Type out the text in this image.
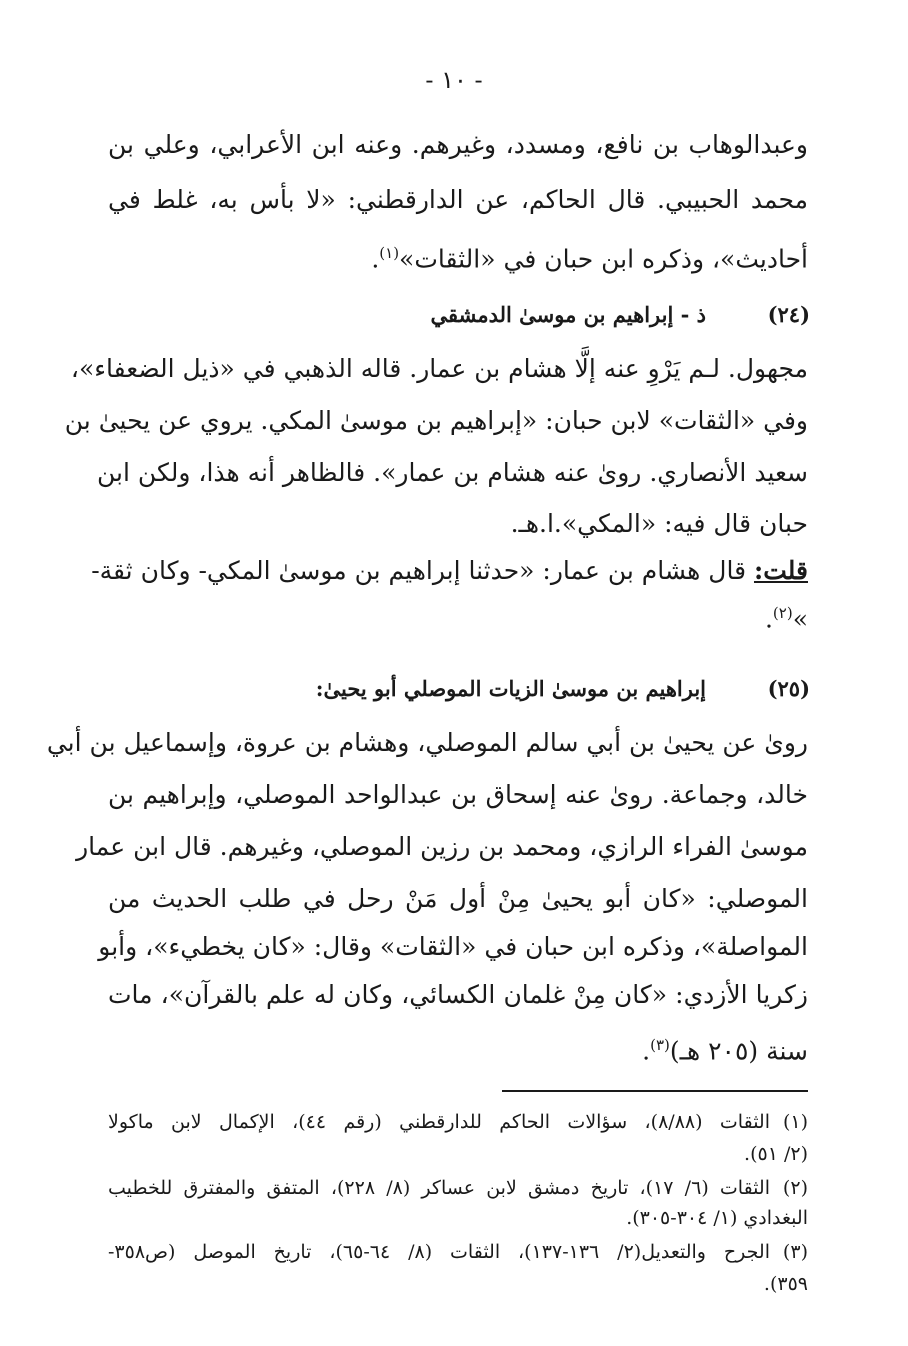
- ١٠ -
وعبدالوهاب بن نافع، ومسدد، وغيرهم. وعنه ابن الأعرابي، وعلي بن
محمد الحبيبي. قال الحاكم، عن الدارقطني: «لا بأس به، غلط في
أحاديث»، وذكره ابن حبان في «الثقات»$^{(١)}$.
(٢٤)ذ - إبراهيم بن موسىٰ الدمشقي
مجهول. لـم يَرْوِ عنه إلَّا هشام بن عمار. قاله الذهبي في «ذيل الضعفاء»،
وفي «الثقات» لابن حبان: «إبراهيم بن موسىٰ المكي. يروي عن يحيىٰ بن
سعيد الأنصاري. روىٰ عنه هشام بن عمار». فالظاهر أنه هذا، ولكن ابن
حبان قال فيه: «المكي».ا.هـ.
قلت: قال هشام بن عمار: «حدثنا إبراهيم بن موسىٰ المكي- وكان ثقة-
»$^{(٢)}$.
(٢٥)إبراهيم بن موسىٰ الزيات الموصلي أبو يحيىٰ:
روىٰ عن يحيىٰ بن أبي سالم الموصلي، وهشام بن عروة، وإسماعيل بن أبي
خالد، وجماعة. روىٰ عنه إسحاق بن عبدالواحد الموصلي، وإبراهيم بن
موسىٰ الفراء الرازي، ومحمد بن رزين الموصلي، وغيرهم. قال ابن عمار
الموصلي: «كان أبو يحيىٰ مِنْ أول مَنْ رحل في طلب الحديث من
المواصلة»، وذكره ابن حبان في «الثقات» وقال: «كان يخطيء»، وأبو
زكريا الأزدي: «كان مِنْ غلمان الكسائي، وكان له علم بالقرآن»، مات
سنة (٢٠٥ هـ)$^{(٣)}$.
(١)الثقات (٨/٨٨)، سؤالات الحاكم للدارقطني (رقم ٤٤)، الإكمال لابن ماكولا
(٢/ ٥١).
(٢)الثقات (٦/ ١٧)، تاريخ دمشق لابن عساكر (٨/ ٢٢٨)، المتفق والمفترق للخطيب
البغدادي (١/ ٣٠٤-٣٠٥).
(٣)الجرح والتعديل(٢/ ١٣٦-١٣٧)، الثقات (٨/ ٦٤-٦٥)، تاريخ الموصل (ص٣٥٨-
٣٥٩).
